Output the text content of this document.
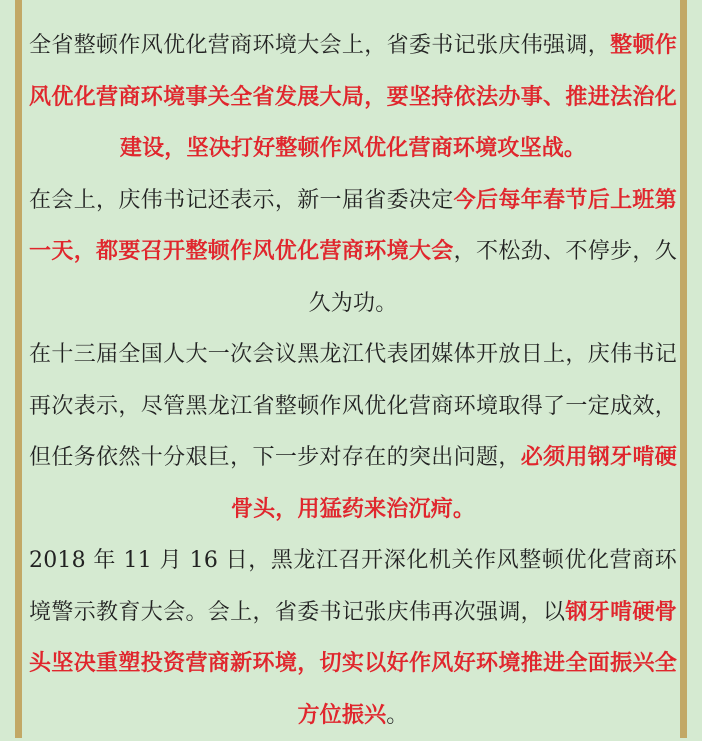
全省整顿作风优化营商环境大会上，省委书记张庆伟强调，整顿作风优化营商环境事关全省发展大局，要坚持依法办事、推进法治化建设，坚决打好整顿作风优化营商环境攻坚战。

在会上，庆伟书记还表示，新一届省委决定今后每年春节后上班第一天，都要召开整顿作风优化营商环境大会，不松劲、不停步，久久为功。

在十三届全国人大一次会议黑龙江代表团媒体开放日上，庆伟书记再次表示，尽管黑龙江省整顿作风优化营商环境取得了一定成效，但任务依然十分艰巨，下一步对存在的突出问题，必须用钢牙啃硬骨头，用猛药来治沉疴。

2018 年 11 月 16 日，黑龙江召开深化机关作风整顿优化营商环境警示教育大会。会上，省委书记张庆伟再次强调，以钢牙啃硬骨头坚决重塑投资营商新环境，切实以好作风好环境推进全面振兴全方位振兴。
